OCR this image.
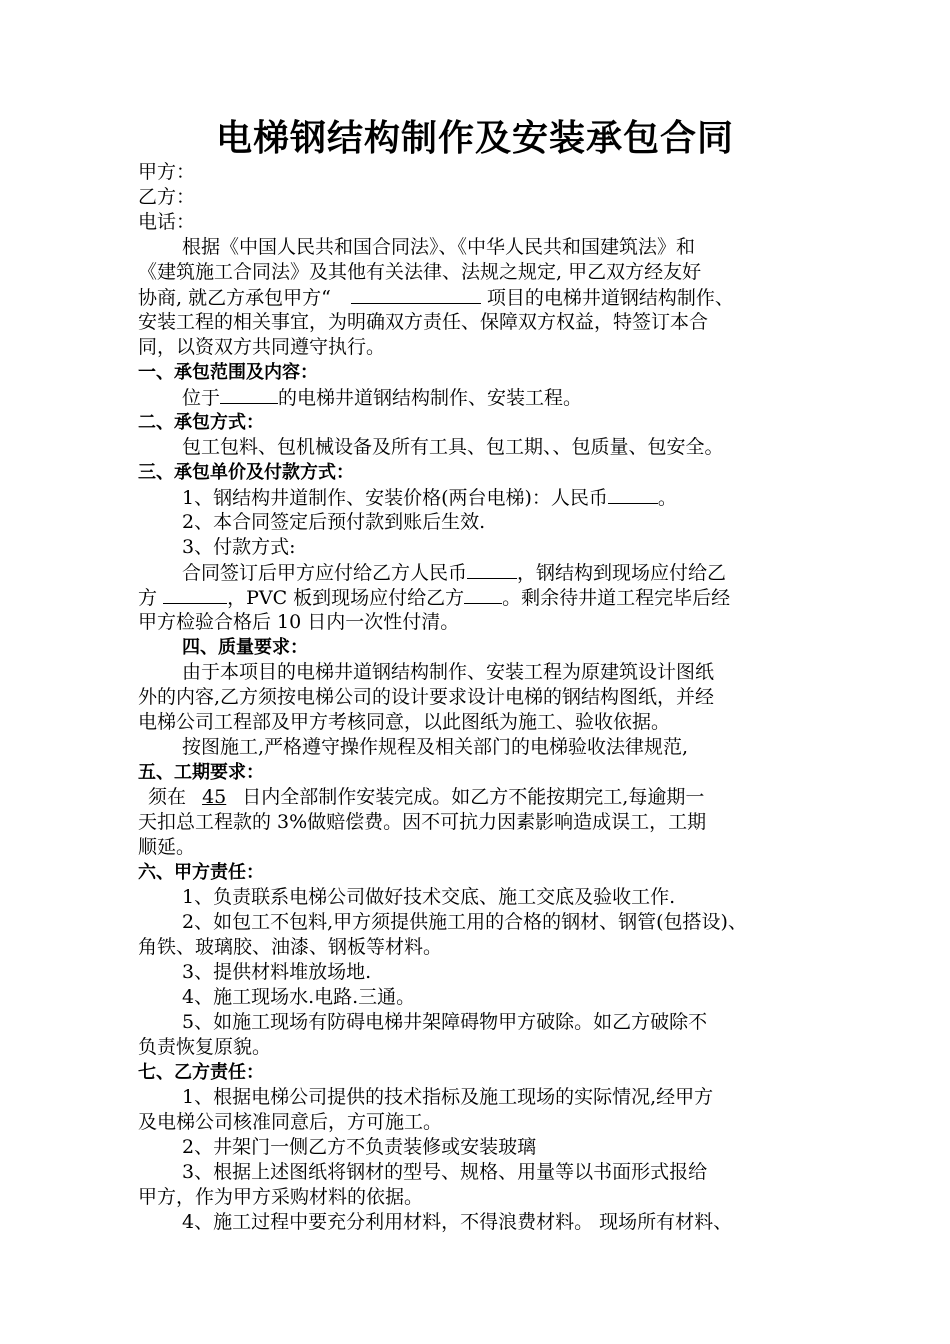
电梯钢结构制作及安装承包合同
甲方：
乙方：
电话：
根据《中国人民共和国合同法》、《中华人民共和国建筑法》和
《建筑施工合同法》及其他有关法律、法规之规定, 甲乙双方经友好
协商, 就乙方承包甲方“	项目的电梯井道钢结构制作、
安装工程的相关事宜，为明确双方责任、保障双方权益，特签订本合
同，以资双方共同遵守执行。
一、承包范围及内容：
位于	的电梯井道钢结构制作、安装工程。
二、承包方式：
包工包料、包机械设备及所有工具、包工期、、包质量、包安全。
三、承包单价及付款方式：
1、钢结构井道制作、安装价格(两台电梯)：人民币	。
2、本合同签定后预付款到账后生效.
3、付款方式:
合同签订后甲方应付给乙方人民币	，钢结构到现场应付给乙
方	，PVC 板到现场应付给乙方 。剩余待井道工程完毕后经
甲方检验合格后 10 日内一次性付清。
四、质量要求：
由于本项目的电梯井道钢结构制作、安装工程为原建筑设计图纸
外的内容,乙方须按电梯公司的设计要求设计电梯的钢结构图纸，并经
电梯公司工程部及甲方考核同意，以此图纸为施工、验收依据。
按图施工,严格遵守操作规程及相关部门的电梯验收法律规范,
五、工期要求：
须在 45 日内全部制作安装完成。如乙方不能按期完工,每逾期一
天扣总工程款的 3%做赔偿费。因不可抗力因素影响造成误工，工期
顺延。
六、甲方责任：
1、负责联系电梯公司做好技术交底、施工交底及验收工作.
2、如包工不包料,甲方须提供施工用的合格的钢材、钢管(包搭设)、
角铁、玻璃胶、油漆、钢板等材料。
3、提供材料堆放场地.
4、施工现场水.电路.三通。
5、如施工现场有防碍电梯井架障碍物甲方破除。如乙方破除不
负责恢复原貌。
七、乙方责任：
1、根据电梯公司提供的技术指标及施工现场的实际情况,经甲方
及电梯公司核准同意后，方可施工。
2、井架门一侧乙方不负责装修或安装玻璃
3、根据上述图纸将钢材的型号、规格、用量等以书面形式报给
甲方，作为甲方采购材料的依据。
4、施工过程中要充分利用材料，不得浪费材料。 现场所有材料、
